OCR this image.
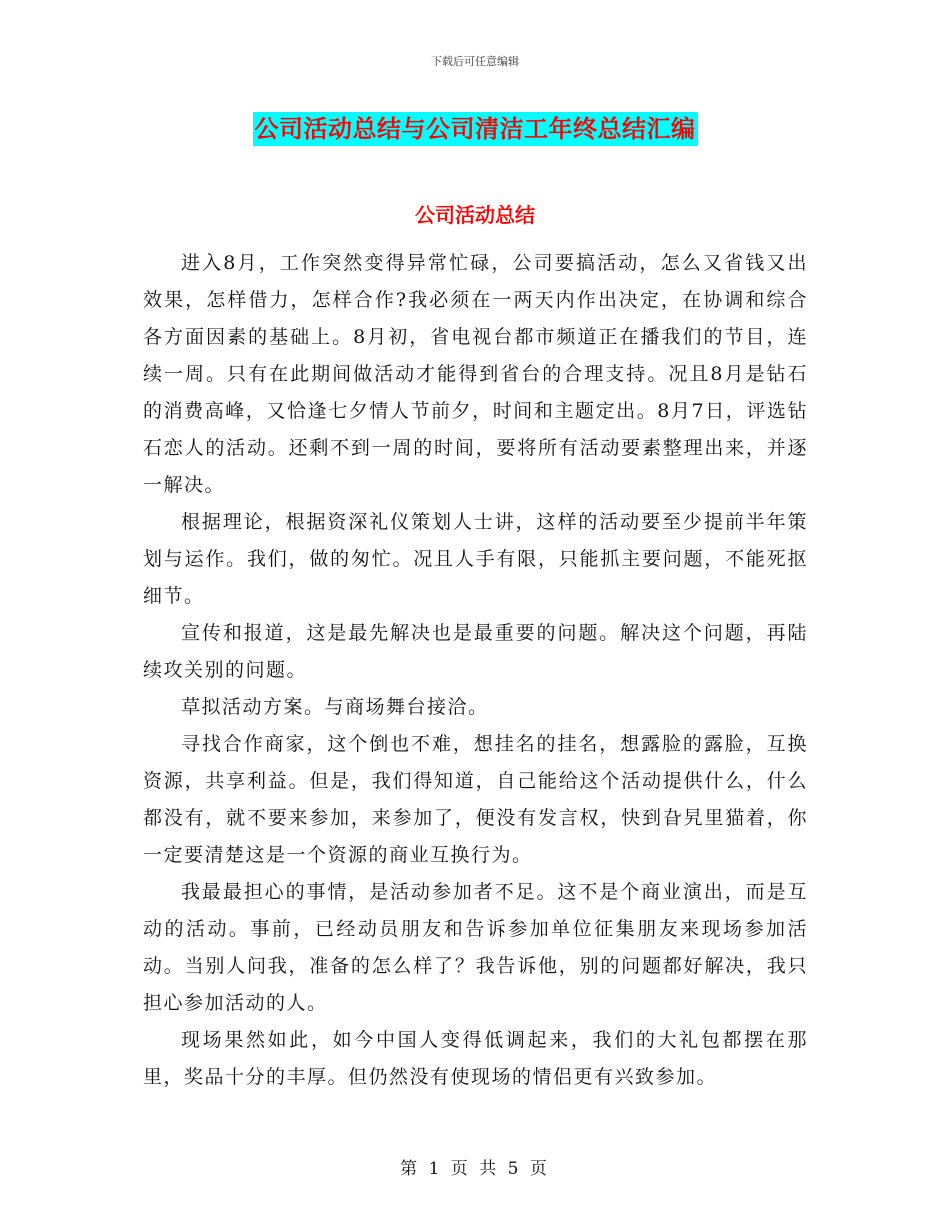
下载后可任意编辑
公司活动总结与公司清洁工年终总结汇编
公司活动总结

进入8月，工作突然变得异常忙碌，公司要搞活动，怎么又省钱又出效果，怎样借力，怎样合作?我必须在一两天内作出决定，在协调和综合各方面因素的基础上。8月初，省电视台都市频道正在播我们的节目，连续一周。只有在此期间做活动才能得到省台的合理支持。况且8月是钻石的消费高峰，又恰逢七夕情人节前夕，时间和主题定出。8月7日，评选钻石恋人的活动。还剩不到一周的时间，要将所有活动要素整理出来，并逐一解决。

根据理论，根据资深礼仪策划人士讲，这样的活动要至少提前半年策划与运作。我们，做的匆忙。况且人手有限，只能抓主要问题，不能死抠细节。

宣传和报道，这是最先解决也是最重要的问题。解决这个问题，再陆续攻关别的问题。

草拟活动方案。与商场舞台接洽。

寻找合作商家，这个倒也不难，想挂名的挂名，想露脸的露脸，互换资源，共享利益。但是，我们得知道，自己能给这个活动提供什么，什么都没有，就不要来参加，来参加了，便没有发言权，快到旮旯里猫着，你一定要清楚这是一个资源的商业互换行为。

我最最担心的事情，是活动参加者不足。这不是个商业演出，而是互动的活动。事前，已经动员朋友和告诉参加单位征集朋友来现场参加活动。当别人问我，准备的怎么样了？我告诉他，别的问题都好解决，我只担心参加活动的人。

现场果然如此，如今中国人变得低调起来，我们的大礼包都摆在那里，奖品十分的丰厚。但仍然没有使现场的情侣更有兴致参加。

第 1 页 共 5 页
